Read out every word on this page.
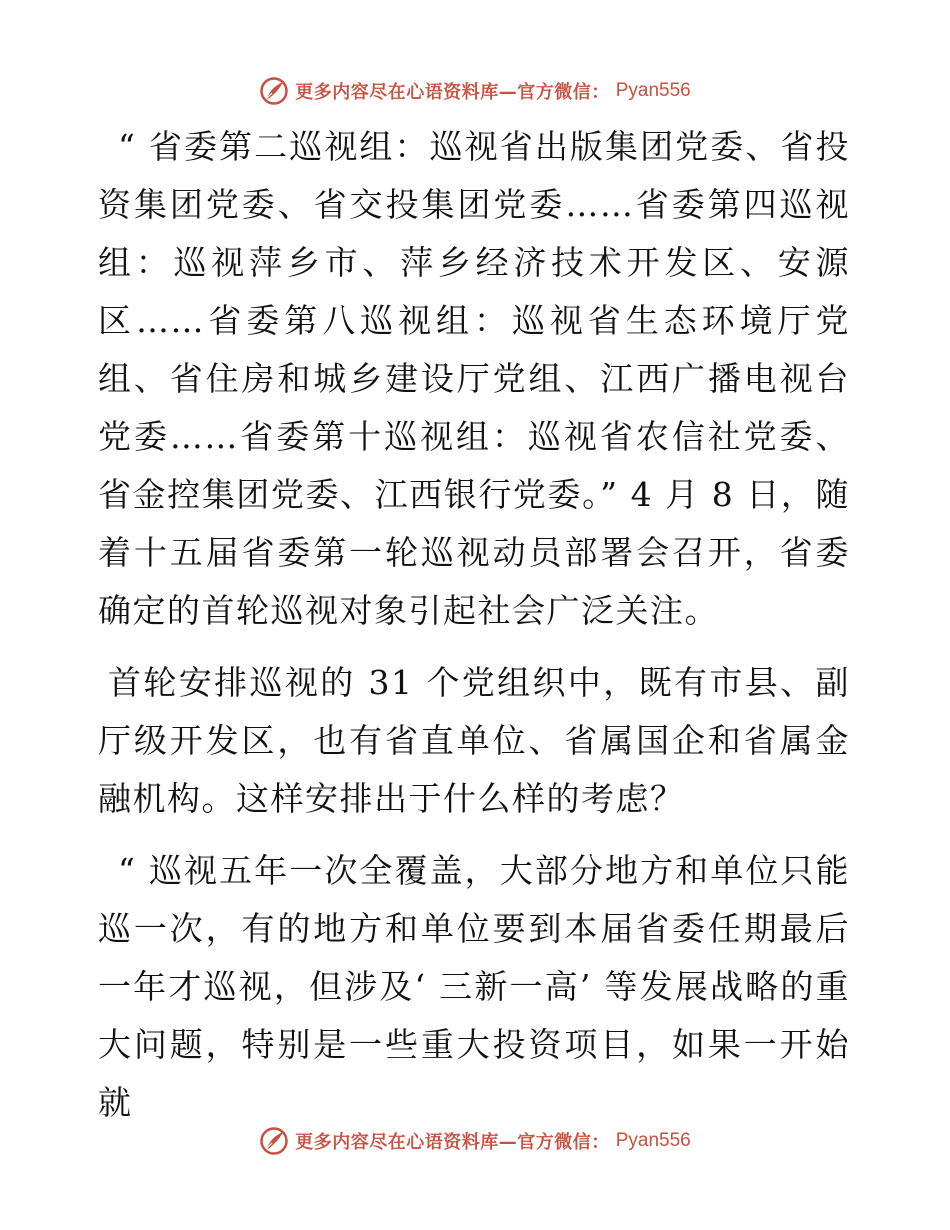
更多内容尽在心语资料库—官方微信： Pyan556

“ 省委第二巡视组：巡视省出版集团党委、省投资集团党委、省交投集团党委……省委第四巡视组：巡视萍乡市、萍乡经济技术开发区、安源区……省委第八巡视组：巡视省生态环境厅党组、省住房和城乡建设厅党组、江西广播电视台党委……省委第十巡视组：巡视省农信社党委、省金控集团党委、江西银行党委。” 4 月 8 日，随着十五届省委第一轮巡视动员部署会召开，省委确定的首轮巡视对象引起社会广泛关注。

首轮安排巡视的 31 个党组织中，既有市县、副厅级开发区，也有省直单位、省属国企和省属金融机构。这样安排出于什么样的考虑？

“ 巡视五年一次全覆盖，大部分地方和单位只能巡一次，有的地方和单位要到本届省委任期最后一年才巡视，但涉及‘ 三新一高’ 等发展战略的重大问题，特别是一些重大投资项目，如果一开始就

更多内容尽在心语资料库—官方微信： Pyan556
